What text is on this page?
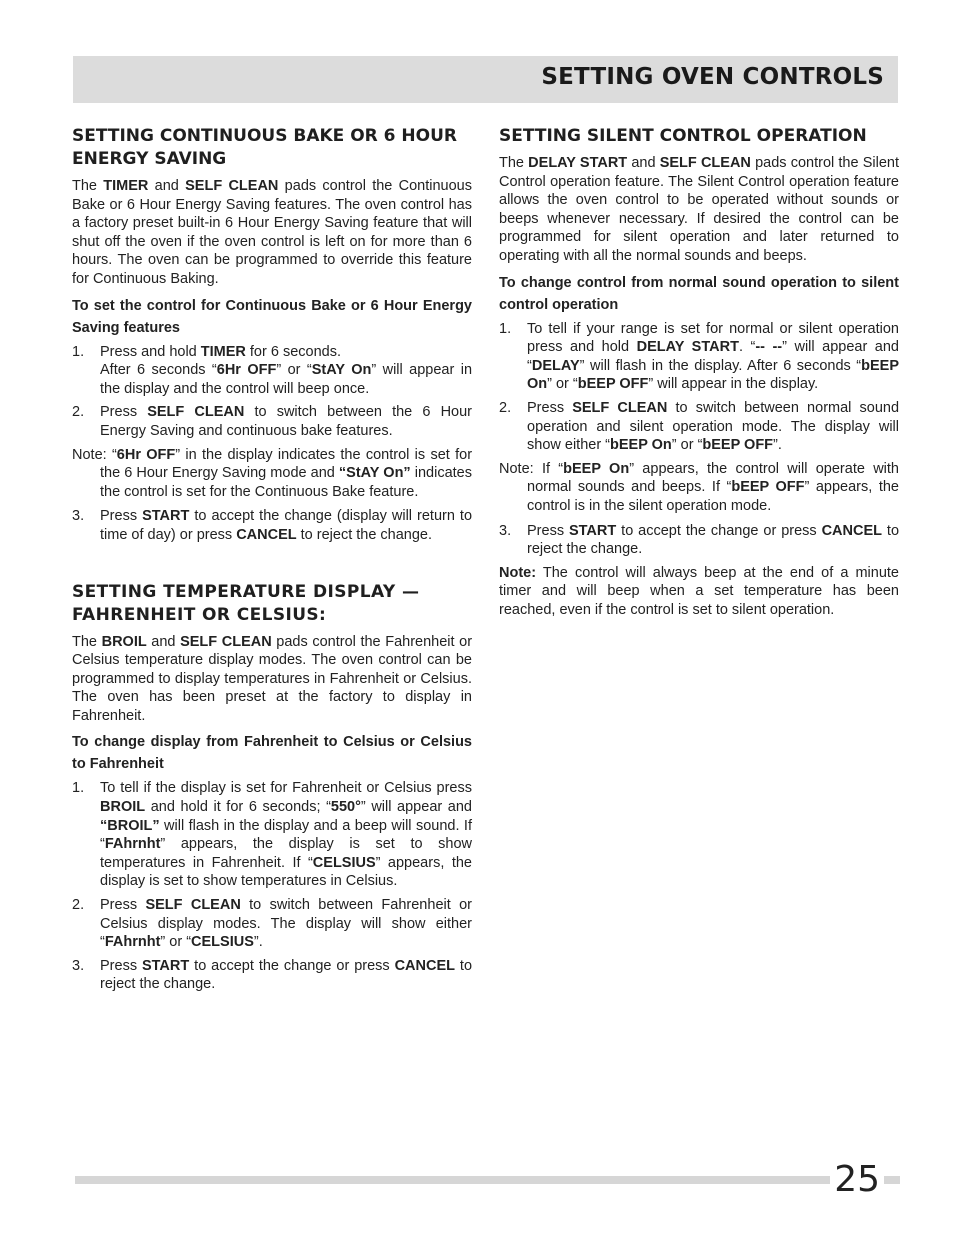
SETTING OVEN CONTROLS
SETTING CONTINUOUS BAKE OR 6 HOUR ENERGY SAVING

The TIMER and SELF CLEAN pads control the Continuous Bake or 6 Hour Energy Saving features. The oven control has a factory preset built-in 6 Hour Energy Saving feature that will shut off the oven if the oven control is left on for more than 6 hours. The oven can be programmed to override this feature for Continuous Baking.

To set the control for Continuous Bake or 6 Hour Energy Saving features
1. Press and hold TIMER for 6 seconds.
After 6 seconds “6Hr OFF” or “StAY On” will appear in the display and the control will beep once.
2. Press SELF CLEAN to switch between the 6 Hour Energy Saving and continuous bake features.
Note: “6Hr OFF” in the display indicates the control is set for the 6 Hour Energy Saving mode and “StAY On” indicates the control is set for the Continuous Bake feature.
3. Press START to accept the change (display will return to time of day) or press CANCEL to reject the change.
SETTING TEMPERATURE DISPLAY — FAHRENHEIT OR CELSIUS:

The BROIL and SELF CLEAN pads control the Fahrenheit or Celsius temperature display modes. The oven control can be programmed to display temperatures in Fahrenheit or Celsius. The oven has been preset at the factory to display in Fahrenheit.

To change display from Fahrenheit to Celsius or Celsius to Fahrenheit
1. To tell if the display is set for Fahrenheit or Celsius press BROIL and hold it for 6 seconds; “550°” will appear and “BROIL” will flash in the display and a beep will sound. If “FAhrnht” appears, the display is set to show temperatures in Fahrenheit. If “CELSIUS” appears, the display is set to show temperatures in Celsius.
2. Press SELF CLEAN to switch between Fahrenheit or Celsius display modes. The display will show either “FAhrnht” or “CELSIUS”.
3. Press START to accept the change or press CANCEL to reject the change.
SETTING SILENT CONTROL OPERATION

The DELAY START and SELF CLEAN pads control the Silent Control operation feature. The Silent Control operation feature allows the oven control to be operated without sounds or beeps whenever necessary. If desired the control can be programmed for silent operation and later returned to operating with all the normal sounds and beeps.

To change control from normal sound operation to silent control operation
1. To tell if your range is set for normal or silent operation press and hold DELAY START. “-- --” will appear and “DELAY” will flash in the display. After 6 seconds “bEEP On” or “bEEP OFF” will appear in the display.
2. Press SELF CLEAN to switch between normal sound operation and silent operation mode. The display will show either “bEEP On” or “bEEP OFF”.
Note: If “bEEP On” appears, the control will operate with normal sounds and beeps. If “bEEP OFF” appears, the control is in the silent operation mode.
3. Press START to accept the change or press CANCEL to reject the change.
Note: The control will always beep at the end of a minute timer and will beep when a set temperature has been reached, even if the control is set to silent operation.
25
